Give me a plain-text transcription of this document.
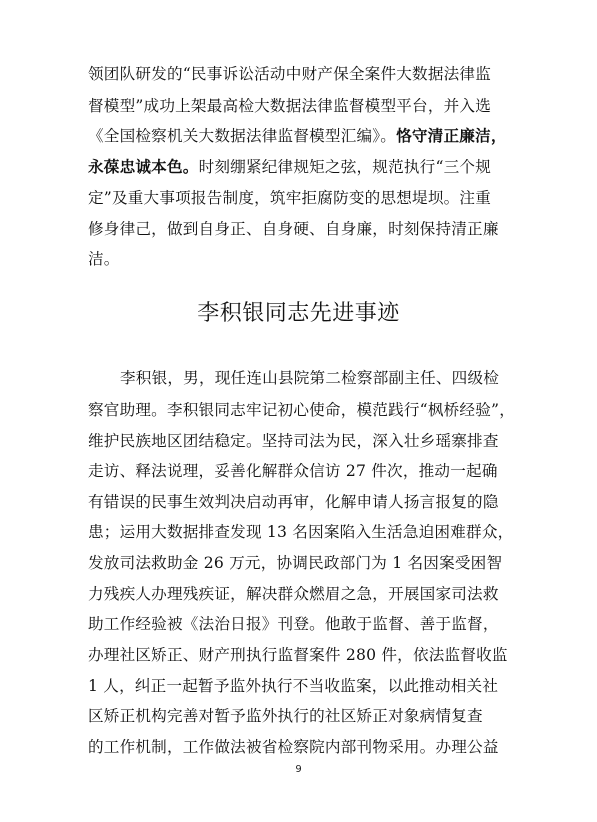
领团队研发的“民事诉讼活动中财产保全案件大数据法律监
督模型”成功上架最高检大数据法律监督模型平台，并入选
《全国检察机关大数据法律监督模型汇编》。恪守清正廉洁，
永葆忠诚本色。时刻绷紧纪律规矩之弦，规范执行“三个规
定”及重大事项报告制度，筑牢拒腐防变的思想堤坝。注重
修身律己，做到自身正、自身硬、自身廉，时刻保持清正廉
洁。
李积银同志先进事迹
李积银，男，现任连山县院第二检察部副主任、四级检
察官助理。李积银同志牢记初心使命，模范践行“枫桥经验”，
维护民族地区团结稳定。坚持司法为民，深入壮乡瑶寨排查
走访、释法说理，妥善化解群众信访 27 件次，推动一起确
有错误的民事生效判决启动再审，化解申请人扬言报复的隐
患；运用大数据排查发现 13 名因案陷入生活急迫困难群众，
发放司法救助金 26 万元，协调民政部门为 1 名因案受困智
力残疾人办理残疾证，解决群众燃眉之急，开展国家司法救
助工作经验被《法治日报》刊登。他敢于监督、善于监督，
办理社区矫正、财产刑执行监督案件 280 件，依法监督收监
1 人，纠正一起暂予监外执行不当收监案，以此推动相关社
区矫正机构完善对暂予监外执行的社区矫正对象病情复查
的工作机制，工作做法被省检察院内部刊物采用。办理公益
9
